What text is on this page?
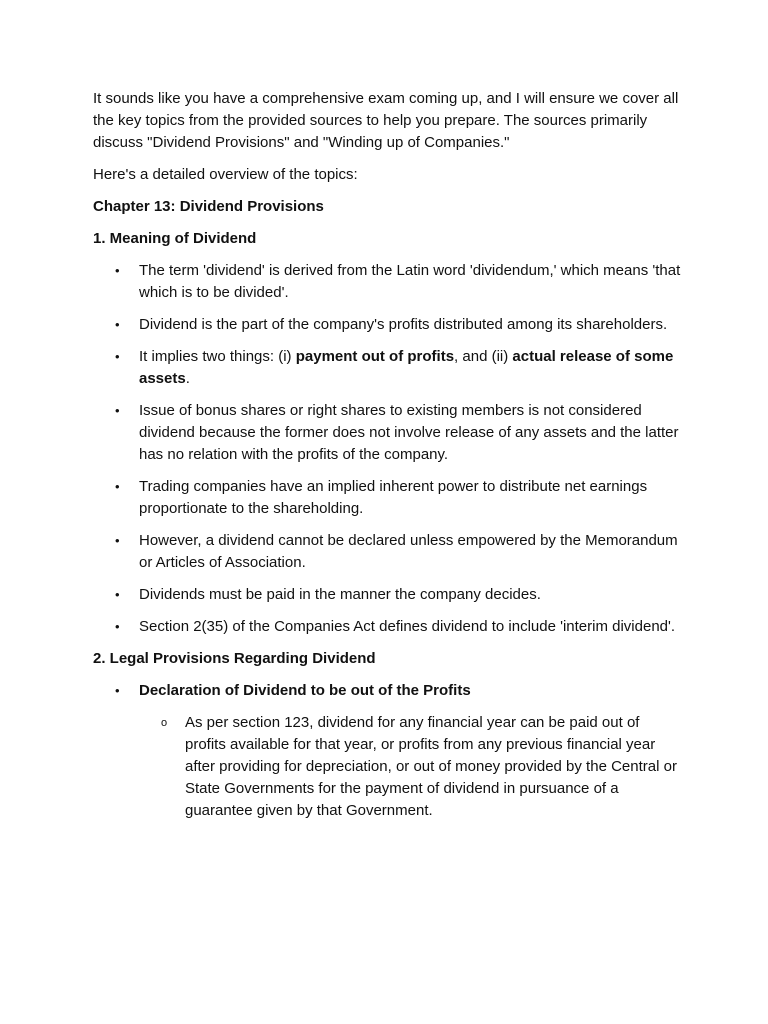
It sounds like you have a comprehensive exam coming up, and I will ensure we cover all the key topics from the provided sources to help you prepare. The sources primarily discuss "Dividend Provisions" and "Winding up of Companies."

Here's a detailed overview of the topics:

Chapter 13: Dividend Provisions

1. Meaning of Dividend

• The term 'dividend' is derived from the Latin word 'dividendum,' which means 'that which is to be divided'.
• Dividend is the part of the company's profits distributed among its shareholders.
• It implies two things: (i) payment out of profits, and (ii) actual release of some assets.
• Issue of bonus shares or right shares to existing members is not considered dividend because the former does not involve release of any assets and the latter has no relation with the profits of the company.
• Trading companies have an implied inherent power to distribute net earnings proportionate to the shareholding.
• However, a dividend cannot be declared unless empowered by the Memorandum or Articles of Association.
• Dividends must be paid in the manner the company decides.
• Section 2(35) of the Companies Act defines dividend to include 'interim dividend'.

2. Legal Provisions Regarding Dividend

• Declaration of Dividend to be out of the Profits
o As per section 123, dividend for any financial year can be paid out of profits available for that year, or profits from any previous financial year after providing for depreciation, or out of money provided by the Central or State Governments for the payment of dividend in pursuance of a guarantee given by that Government.
